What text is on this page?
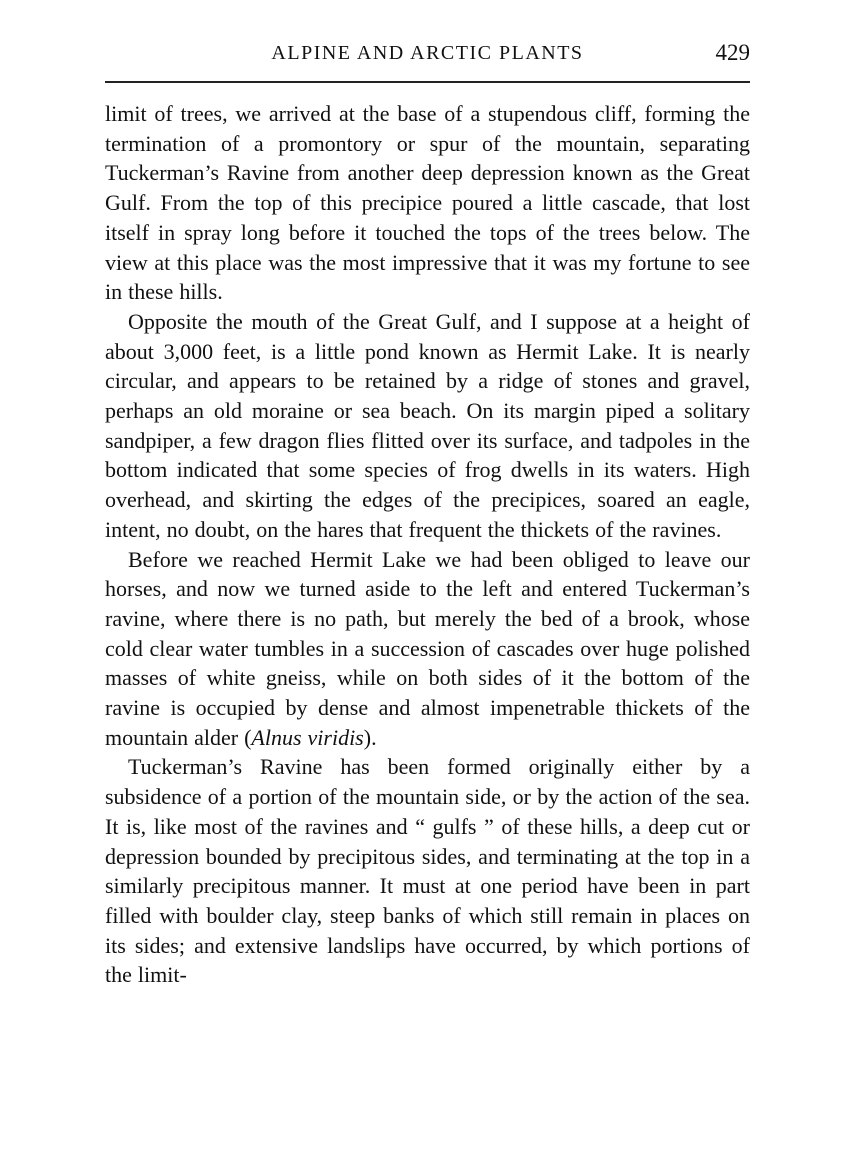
ALPINE AND ARCTIC PLANTS	429

limit of trees, we arrived at the base of a stupendous cliff, forming the termination of a promontory or spur of the mountain, separating Tuckerman’s Ravine from another deep depression known as the Great Gulf. From the top of this precipice poured a little cascade, that lost itself in spray long before it touched the tops of the trees below. The view at this place was the most impressive that it was my fortune to see in these hills.

Opposite the mouth of the Great Gulf, and I suppose at a height of about 3,000 feet, is a little pond known as Hermit Lake. It is nearly circular, and appears to be retained by a ridge of stones and gravel, perhaps an old moraine or sea beach. On its margin piped a solitary sandpiper, a few dragon flies flitted over its surface, and tadpoles in the bottom indicated that some species of frog dwells in its waters. High overhead, and skirting the edges of the precipices, soared an eagle, intent, no doubt, on the hares that frequent the thickets of the ravines.

Before we reached Hermit Lake we had been obliged to leave our horses, and now we turned aside to the left and entered Tuckerman’s ravine, where there is no path, but merely the bed of a brook, whose cold clear water tumbles in a succession of cascades over huge polished masses of white gneiss, while on both sides of it the bottom of the ravine is occupied by dense and almost impenetrable thickets of the mountain alder (Alnus viridis).

Tuckerman’s Ravine has been formed originally either by a subsidence of a portion of the mountain side, or by the action of the sea. It is, like most of the ravines and “ gulfs ” of these hills, a deep cut or depression bounded by precipitous sides, and terminating at the top in a similarly precipitous manner. It must at one period have been in part filled with boulder clay, steep banks of which still remain in places on its sides; and extensive landslips have occurred, by which portions of the limit-
